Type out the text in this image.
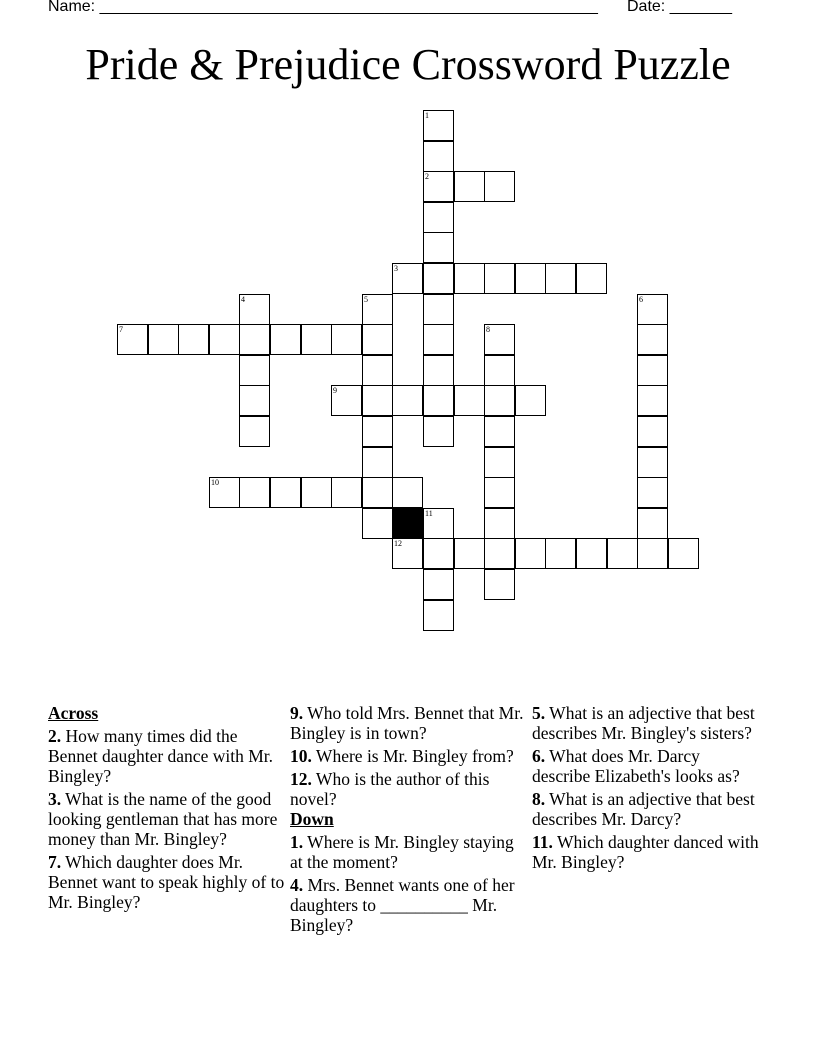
Name: ________________________________________________________ Date: _______
Pride & Prejudice Crossword Puzzle
1
2
3
4	5	6
7	8
9
10
11
12
Across
2. How many times did the Bennet daughter dance with Mr. Bingley?
3. What is the name of the good looking gentleman that has more money than Mr. Bingley?
7. Which daughter does Mr. Bennet want to speak highly of to Mr. Bingley?
9. Who told Mrs. Bennet that Mr. Bingley is in town?
10. Where is Mr. Bingley from?
12. Who is the author of this novel?
Down
1. Where is Mr. Bingley staying at the moment?
4. Mrs. Bennet wants one of her daughters to __________ Mr. Bingley?
5. What is an adjective that best describes Mr. Bingley's sisters?
6. What does Mr. Darcy describe Elizabeth's looks as?
8. What is an adjective that best describes Mr. Darcy?
11. Which daughter danced with Mr. Bingley?
